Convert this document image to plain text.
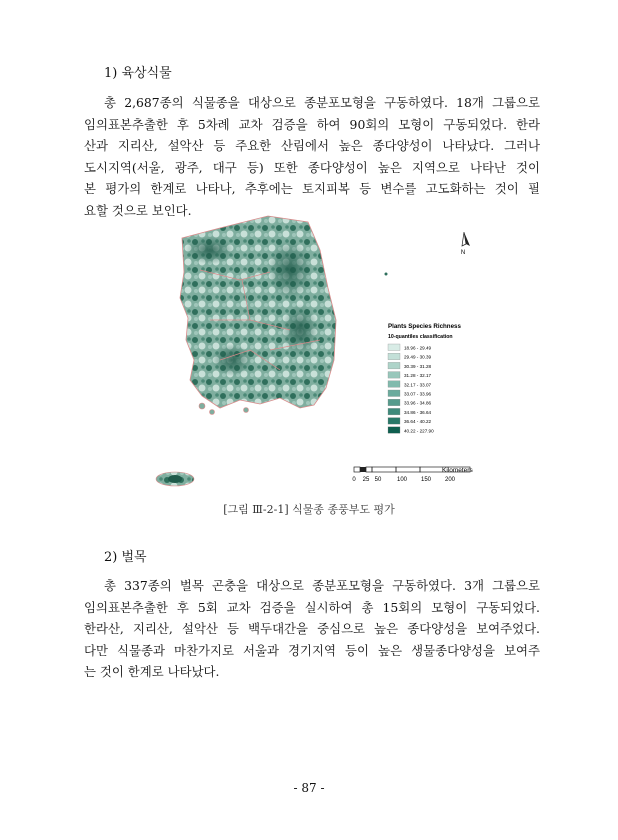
1) 육상식물
총 2,687종의 식물종을 대상으로 종분포모형을 구동하였다. 18개 그룹으로
임의표본추출한 후 5차례 교차 검증을 하여 90회의 모형이 구동되었다. 한라
산과 지리산, 설악산 등 주요한 산림에서 높은 종다양성이 나타났다. 그러나
도시지역(서울, 광주, 대구 등) 또한 종다양성이 높은 지역으로 나타난 것이
본 평가의 한계로 나타나, 추후에는 토지피복 등 변수를 고도화하는 것이 필
요할 것으로 보인다.
N
Plants Species Richness
10-quantiles classification
18.96 - 29.49
29.49 - 30.39
30.39 - 31.28
31.28 - 32.17
32.17 - 33.07
33.07 - 33.96
33.96 - 34.86
34.86 - 36.64
36.64 - 40.22
40.22 - 227.90
0 25 50	100 150 200
Kilometers
[그림 Ⅲ-2-1] 식물종 종풍부도 평가
2) 벌목
총 337종의 벌목 곤충을 대상으로 종분포모형을 구동하였다. 3개 그룹으로
임의표본추출한 후 5회 교차 검증을 실시하여 총 15회의 모형이 구동되었다.
한라산, 지리산, 설악산 등 백두대간을 중심으로 높은 종다양성을 보여주었다.
다만 식물종과 마찬가지로 서울과 경기지역 등이 높은 생물종다양성을 보여주
는 것이 한계로 나타났다.
- 87 -
